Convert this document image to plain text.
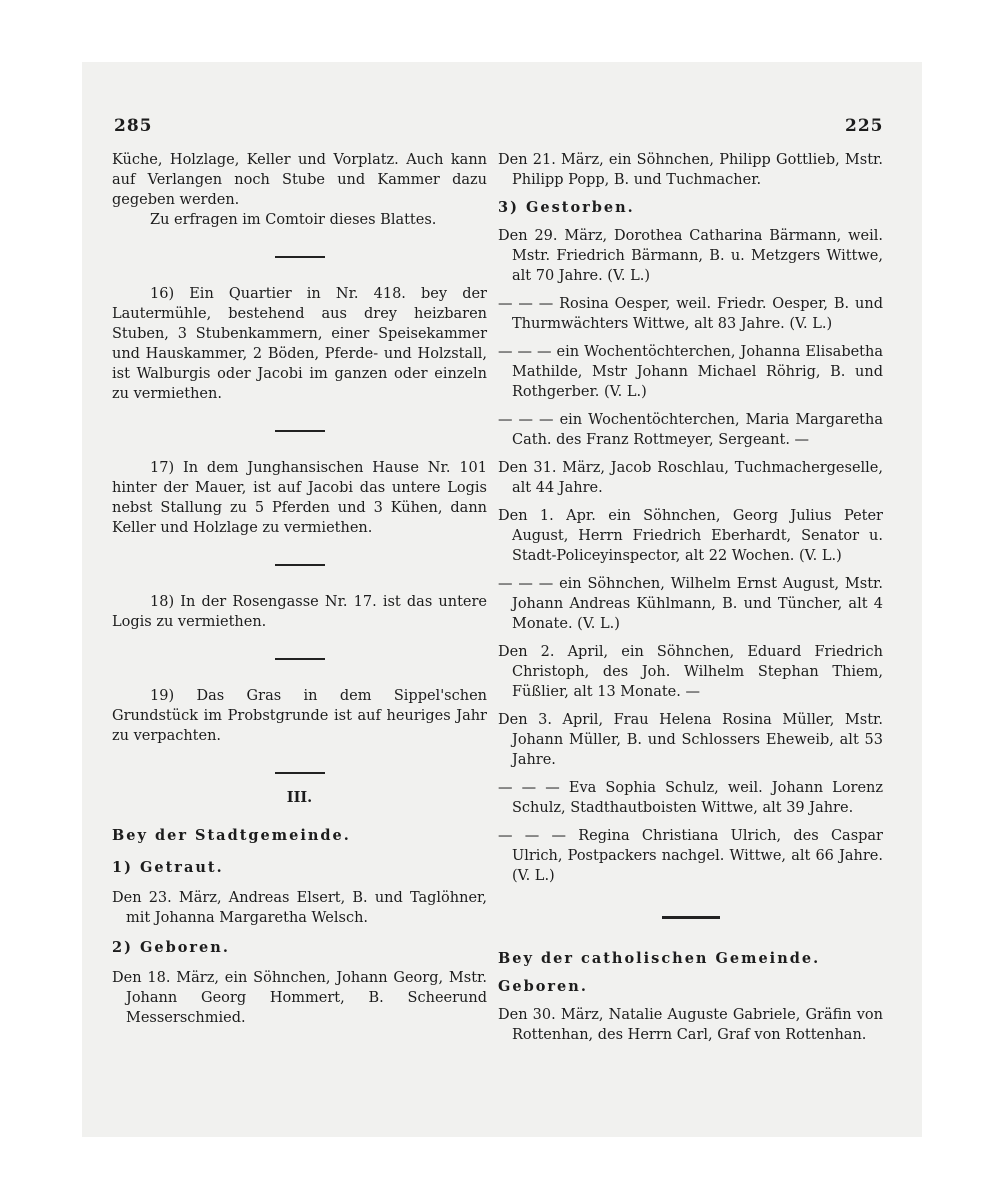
285	225

Küche, Holzlage, Keller und Vorplatz. Auch kann auf Verlangen noch Stube und Kammer dazu gegeben werden.

Zu erfragen im Comtoir dieses Blattes.

16) Ein Quartier in Nr. 418. bey der Lautermühle, bestehend aus drey heizbaren Stuben, 3 Stubenkammern, einer Speisekammer und Hauskammer, 2 Böden, Pferde- und Holzstall, ist Walburgis oder Jacobi im ganzen oder einzeln zu vermiethen.

17) In dem Junghansischen Hause Nr. 101 hinter der Mauer, ist auf Jacobi das untere Logis nebst Stallung zu 5 Pferden und 3 Kühen, dann Keller und Holzlage zu vermiethen.

18) In der Rosengasse Nr. 17. ist das untere Logis zu vermiethen.

19) Das Gras in dem Sippel'schen Grundstück im Probstgrunde ist auf heuriges Jahr zu verpachten.

III.

Bey der Stadtgemeinde.

1) Getraut.

Den 23. März, Andreas Elsert, B. und Taglöhner, mit Johanna Margaretha Welsch.

2) Geboren.

Den 18. März, ein Söhnchen, Johann Georg, Mstr. Johann Georg Hommert, B. Scheerund Messerschmied.

Den 21. März, ein Söhnchen, Philipp Gottlieb, Mstr. Philipp Popp, B. und Tuchmacher.

3) Gestorben.

Den 29. März, Dorothea Catharina Bärmann, weil. Mstr. Friedrich Bärmann, B. u. Metzgers Wittwe, alt 70 Jahre. (V. L.)

— — — Rosina Oesper, weil. Friedr. Oesper, B. und Thurmwächters Wittwe, alt 83 Jahre. (V. L.)

— — — ein Wochentöchterchen, Johanna Elisabetha Mathilde, Mstr Johann Michael Röhrig, B. und Rothgerber. (V. L.)

— — — ein Wochentöchterchen, Maria Margaretha Cath. des Franz Rottmeyer, Sergeant. —

Den 31. März, Jacob Roschlau, Tuchmachergeselle, alt 44 Jahre.

Den 1. Apr. ein Söhnchen, Georg Julius Peter August, Herrn Friedrich Eberhardt, Senator u. Stadt-Policeyinspector, alt 22 Wochen. (V. L.)

— — — ein Söhnchen, Wilhelm Ernst August, Mstr. Johann Andreas Kühlmann, B. und Tüncher, alt 4 Monate. (V. L.)

Den 2. April, ein Söhnchen, Eduard Friedrich Christoph, des Joh. Wilhelm Stephan Thiem, Füßlier, alt 13 Monate. —

Den 3. April, Frau Helena Rosina Müller, Mstr. Johann Müller, B. und Schlossers Eheweib, alt 53 Jahre.

— — — Eva Sophia Schulz, weil. Johann Lorenz Schulz, Stadthautboisten Wittwe, alt 39 Jahre.

— — — Regina Christiana Ulrich, des Caspar Ulrich, Postpackers nachgel. Wittwe, alt 66 Jahre. (V. L.)

Bey der catholischen Gemeinde.

Geboren.

Den 30. März, Natalie Auguste Gabriele, Gräfin von Rottenhan, des Herrn Carl, Graf von Rottenhan.
